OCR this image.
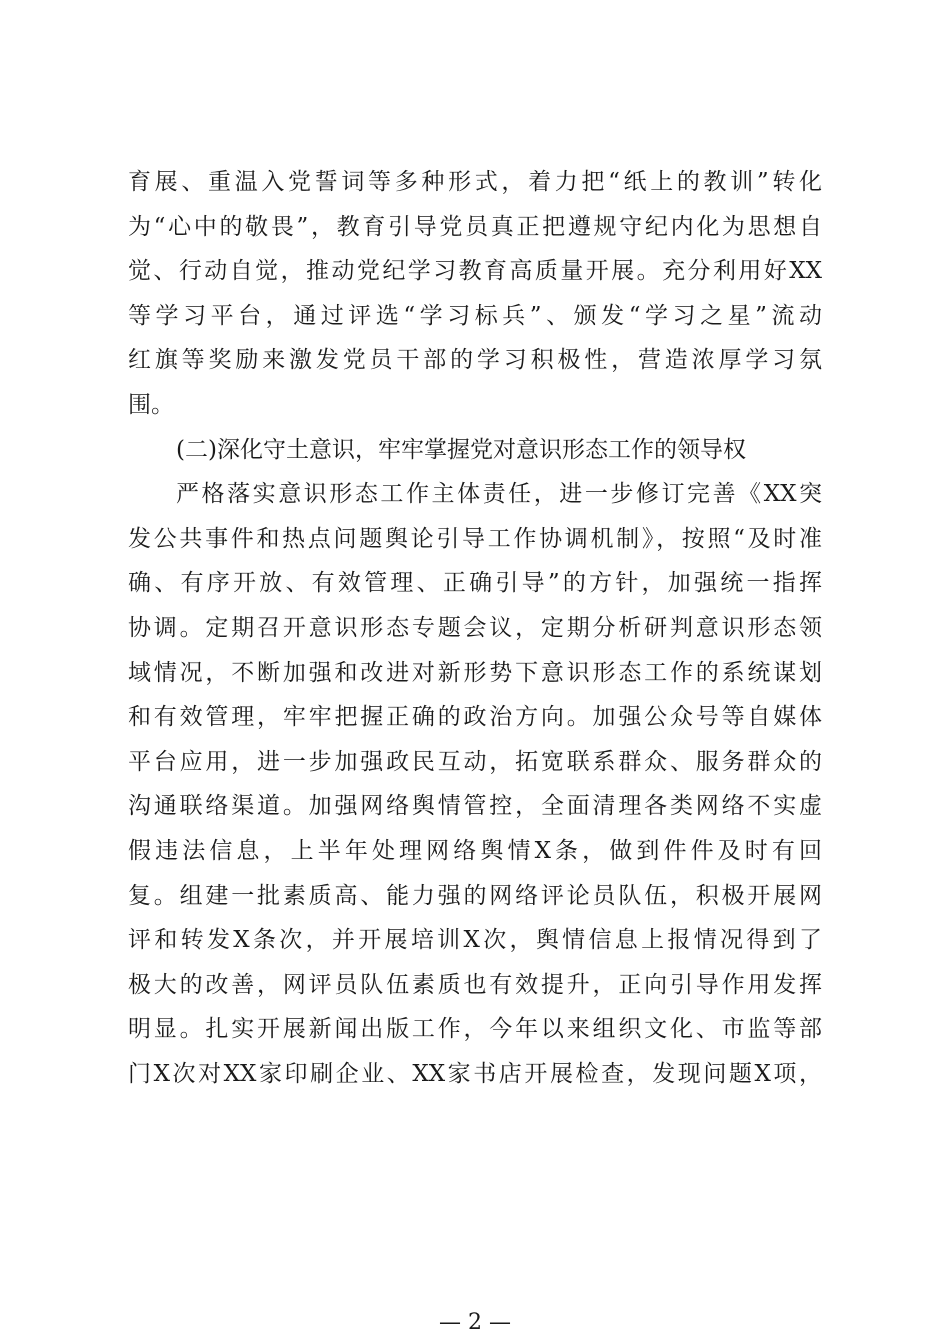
育展、重温入党誓词等多种形式，着力把“纸上的教训”转化
为“心中的敬畏”，教育引导党员真正把遵规守纪内化为思想自
觉、行动自觉，推动党纪学习教育高质量开展。充分利用好XX
等学习平台，通过评选“学习标兵”、颁发“学习之星”流动
红旗等奖励来激发党员干部的学习积极性，营造浓厚学习氛
围。
(二)深化守土意识，牢牢掌握党对意识形态工作的领导权
严格落实意识形态工作主体责任，进一步修订完善《XX突
发公共事件和热点问题舆论引导工作协调机制》，按照“及时准
确、有序开放、有效管理、正确引导”的方针，加强统一指挥
协调。定期召开意识形态专题会议，定期分析研判意识形态领
域情况，不断加强和改进对新形势下意识形态工作的系统谋划
和有效管理，牢牢把握正确的政治方向。加强公众号等自媒体
平台应用，进一步加强政民互动，拓宽联系群众、服务群众的
沟通联络渠道。加强网络舆情管控，全面清理各类网络不实虚
假违法信息，上半年处理网络舆情X条，做到件件及时有回
复。组建一批素质高、能力强的网络评论员队伍，积极开展网
评和转发X条次，并开展培训X次，舆情信息上报情况得到了
极大的改善，网评员队伍素质也有效提升，正向引导作用发挥
明显。扎实开展新闻出版工作，今年以来组织文化、市监等部
门X次对XX家印刷企业、XX家书店开展检查，发现问题X项，
— 2 —
